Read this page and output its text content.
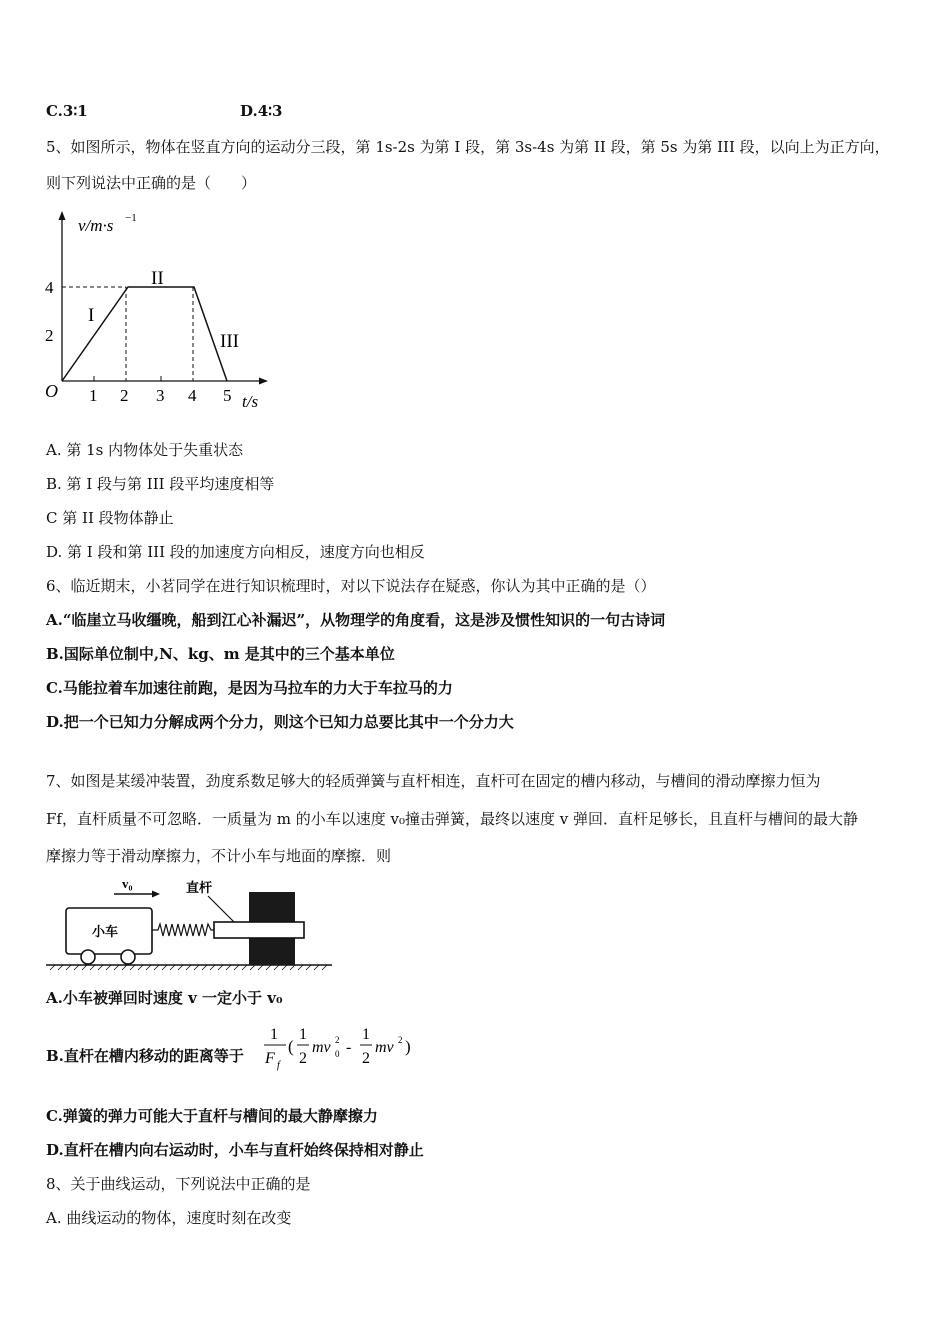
C.3∶1	D.4∶3
5、如图所示，物体在竖直方向的运动分三段，第 1s-2s 为第 I 段，第 3s-4s 为第 II 段，第 5s 为第 III 段，以向上为正方向，
则下列说法中正确的是（　　）
v/m·s −1
4
2
O 1 2 3 4 5 t/s
I
II
III
A. 第 1s 内物体处于失重状态
B. 第 I 段与第 III 段平均速度相等
C 第 II 段物体静止
D. 第 I 段和第 III 段的加速度方向相反，速度方向也相反
6、临近期末，小茗同学在进行知识梳理时，对以下说法存在疑惑，你认为其中正确的是（）
A.“临崖立马收缰晚，船到江心补漏迟”，从物理学的角度看，这是涉及惯性知识的一句古诗词
B.国际单位制中,N、kg、m 是其中的三个基本单位
C.马能拉着车加速往前跑，是因为马拉车的力大于车拉马的力
D.把一个已知力分解成两个分力，则这个已知力总要比其中一个分力大
7、如图是某缓冲装置，劲度系数足够大的轻质弹簧与直杆相连，直杆可在固定的槽内移动，与槽间的滑动摩擦力恒为
Ff，直杆质量不可忽略．一质量为 m 的小车以速度 v₀撞击弹簧，最终以速度 v 弹回．直杆足够长，且直杆与槽间的最大静
摩擦力等于滑动摩擦力，不计小车与地面的摩擦．则
v₀
小车
直杆
A.小车被弹回时速度 v 一定小于 v₀
B.直杆在槽内移动的距离等于
1
F f
(
1
2
mv 2
0 -
1
2
mv 2 )
C.弹簧的弹力可能大于直杆与槽间的最大静摩擦力
D.直杆在槽内向右运动时，小车与直杆始终保持相对静止
8、关于曲线运动，下列说法中正确的是
A. 曲线运动的物体，速度时刻在改变
